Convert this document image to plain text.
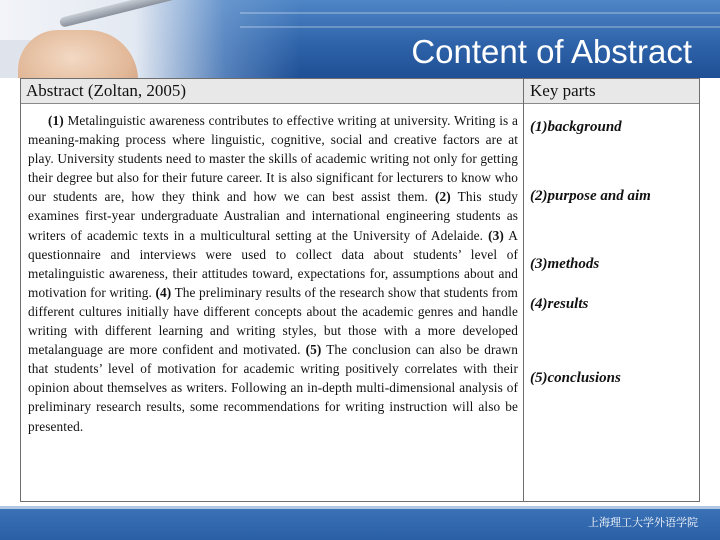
Content of Abstract
Abstract (Zoltan, 2005)	Key parts
(1) Metalinguistic awareness contributes to effective writing at university. Writing is a meaning-making process where linguistic, cognitive, social and creative factors are at play. University students need to master the skills of academic writing not only for getting their degree but also for their future career. It is also significant for lecturers to know who our students are, how they think and how we can best assist them. (2) This study examines first-year undergraduate Australian and international engineering students as writers of academic texts in a multicultural setting at the University of Adelaide. (3) A questionnaire and interviews were used to collect data about students’ level of metalinguistic awareness, their attitudes toward, expectations for, assumptions about and motivation for writing. (4) The preliminary results of the research show that students from different cultures initially have different concepts about the academic genres and handle writing with different learning and writing styles, but those with a more developed metalanguage are more confident and motivated. (5) The conclusion can also be drawn that students’ level of motivation for academic writing positively correlates with their opinion about themselves as writers. Following an in-depth multi-dimensional analysis of preliminary research results, some recommendations for writing instruction will also be presented.
(1)background
(2)purpose and aim
(3)methods
(4)results
(5)conclusions
上海理工大学外语学院
